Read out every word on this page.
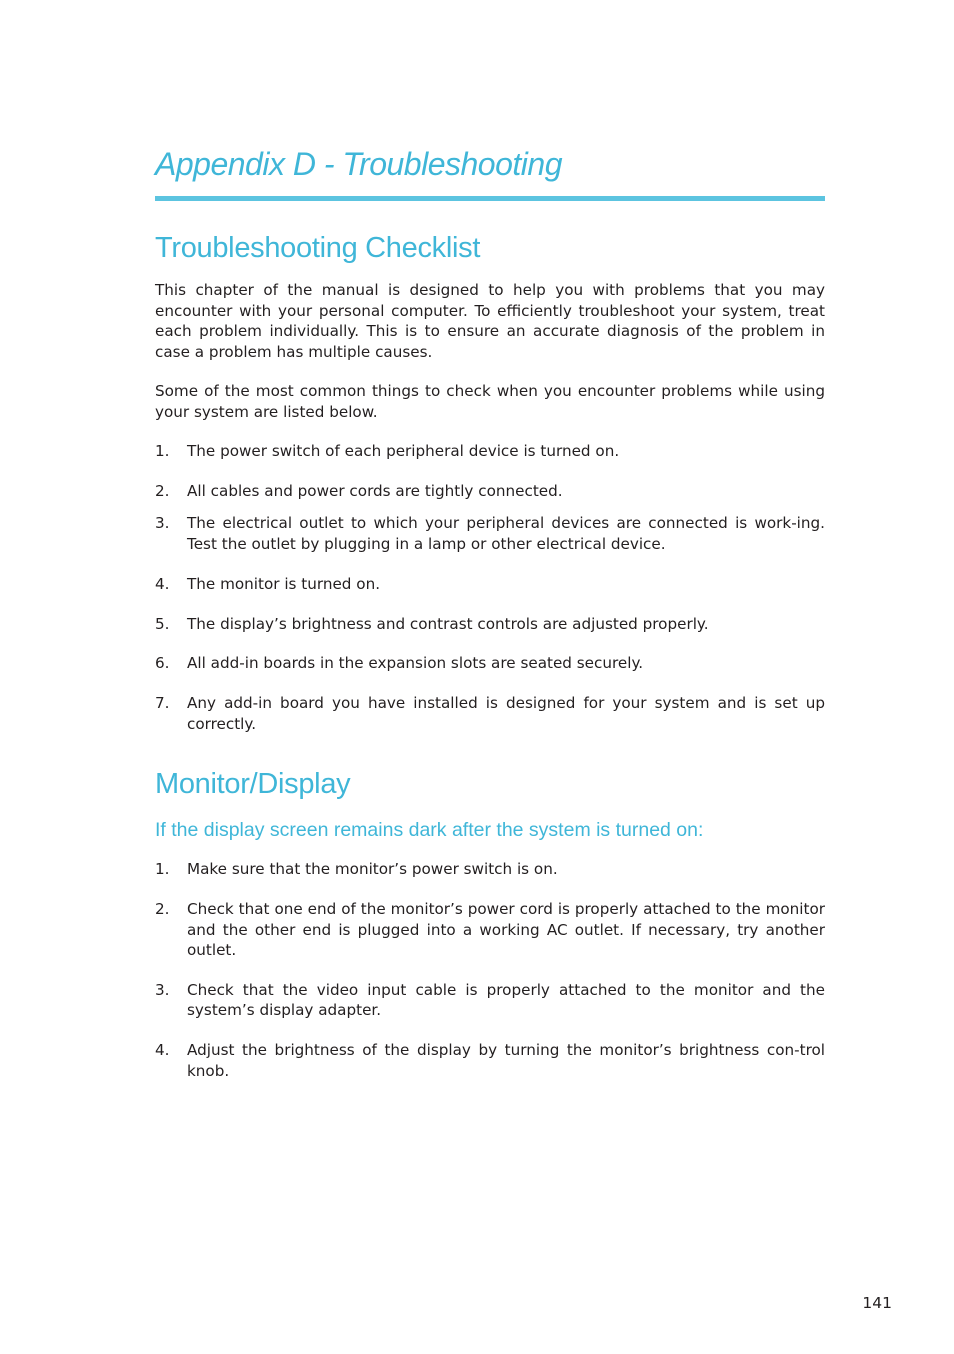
Appendix D - Troubleshooting
Troubleshooting Checklist

This chapter of the manual is designed to help you with problems that you may encounter with your personal computer. To efficiently troubleshoot your system, treat each problem individually. This is to ensure an accurate diagnosis of the problem in case a problem has multiple causes.

Some of the most common things to check when you encounter problems while using your system are listed below.

1. The power switch of each peripheral device is turned on.
2. All cables and power cords are tightly connected.
3. The electrical outlet to which your peripheral devices are connected is work-ing. Test the outlet by plugging in a lamp or other electrical device.
4. The monitor is turned on.
5. The display’s brightness and contrast controls are adjusted properly.
6. All add-in boards in the expansion slots are seated securely.
7. Any add-in board you have installed is designed for your system and is set up correctly.
Monitor/Display
If the display screen remains dark after the system is turned on:
1. Make sure that the monitor’s power switch is on.
2. Check that one end of the monitor’s power cord is properly attached to the monitor and the other end is plugged into a working AC outlet. If necessary, try another outlet.
3. Check that the video input cable is properly attached to the monitor and the system’s display adapter.
4. Adjust the brightness of the display by turning the monitor’s brightness con-trol knob.
141
